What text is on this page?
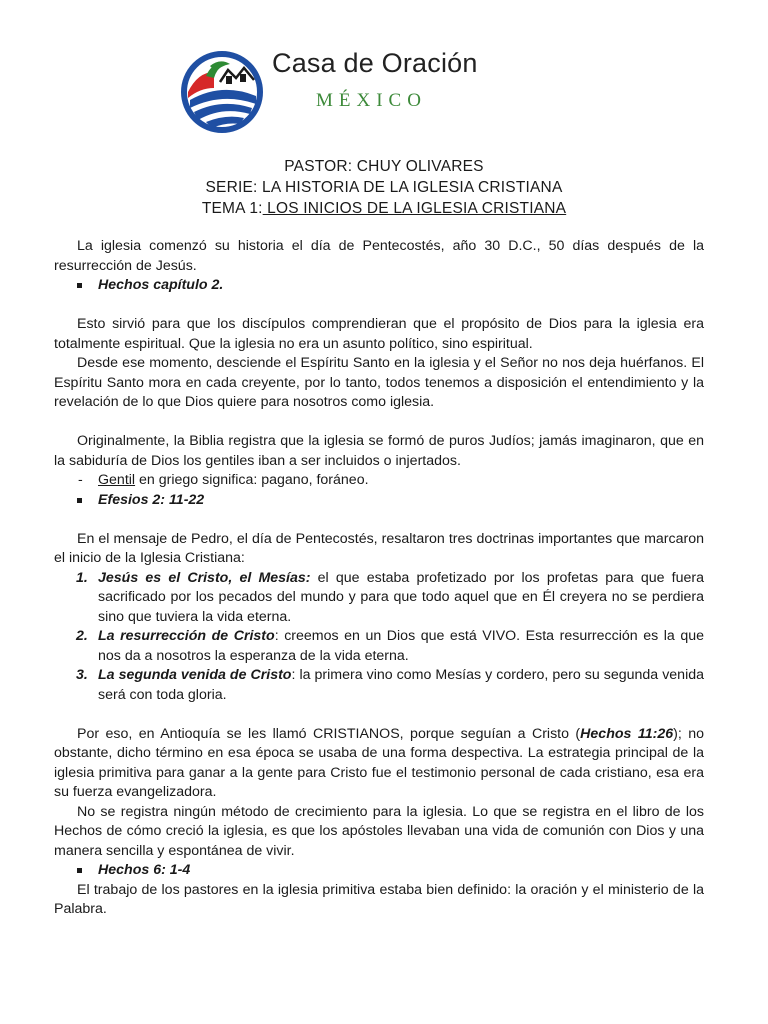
Casa de Oración
MÉXICO
PASTOR: CHUY OLIVARES
SERIE: LA HISTORIA DE LA IGLESIA CRISTIANA
TEMA 1: LOS INICIOS DE LA IGLESIA CRISTIANA

La iglesia comenzó su historia el día de Pentecostés, año 30 D.C., 50 días después de la resurrección de Jesús.

Hechos capítulo 2.

Esto sirvió para que los discípulos comprendieran que el propósito de Dios para la iglesia era totalmente espiritual. Que la iglesia no era un asunto político, sino espiritual.

Desde ese momento, desciende el Espíritu Santo en la iglesia y el Señor no nos deja huérfanos. El Espíritu Santo mora en cada creyente, por lo tanto, todos tenemos a disposición el entendimiento y la revelación de lo que Dios quiere para nosotros como iglesia.

Originalmente, la Biblia registra que la iglesia se formó de puros Judíos; jamás imaginaron, que en la sabiduría de Dios los gentiles iban a ser incluidos o injertados.

- Gentil en griego significa: pagano, foráneo.
Efesios 2: 11-22

En el mensaje de Pedro, el día de Pentecostés, resaltaron tres doctrinas importantes que marcaron el inicio de la Iglesia Cristiana:

1. Jesús es el Cristo, el Mesías: el que estaba profetizado por los profetas para que fuera sacrificado por los pecados del mundo y para que todo aquel que en Él creyera no se perdiera sino que tuviera la vida eterna.
2. La resurrección de Cristo: creemos en un Dios que está VIVO. Esta resurrección es la que nos da a nosotros la esperanza de la vida eterna.
3. La segunda venida de Cristo: la primera vino como Mesías y cordero, pero su segunda venida será con toda gloria.

Por eso, en Antioquía se les llamó CRISTIANOS, porque seguían a Cristo (Hechos 11:26); no obstante, dicho término en esa época se usaba de una forma despectiva. La estrategia principal de la iglesia primitiva para ganar a la gente para Cristo fue el testimonio personal de cada cristiano, esa era su fuerza evangelizadora.

No se registra ningún método de crecimiento para la iglesia. Lo que se registra en el libro de los Hechos de cómo creció la iglesia, es que los apóstoles llevaban una vida de comunión con Dios y una manera sencilla y espontánea de vivir.

Hechos 6: 1-4

El trabajo de los pastores en la iglesia primitiva estaba bien definido: la oración y el ministerio de la Palabra.
